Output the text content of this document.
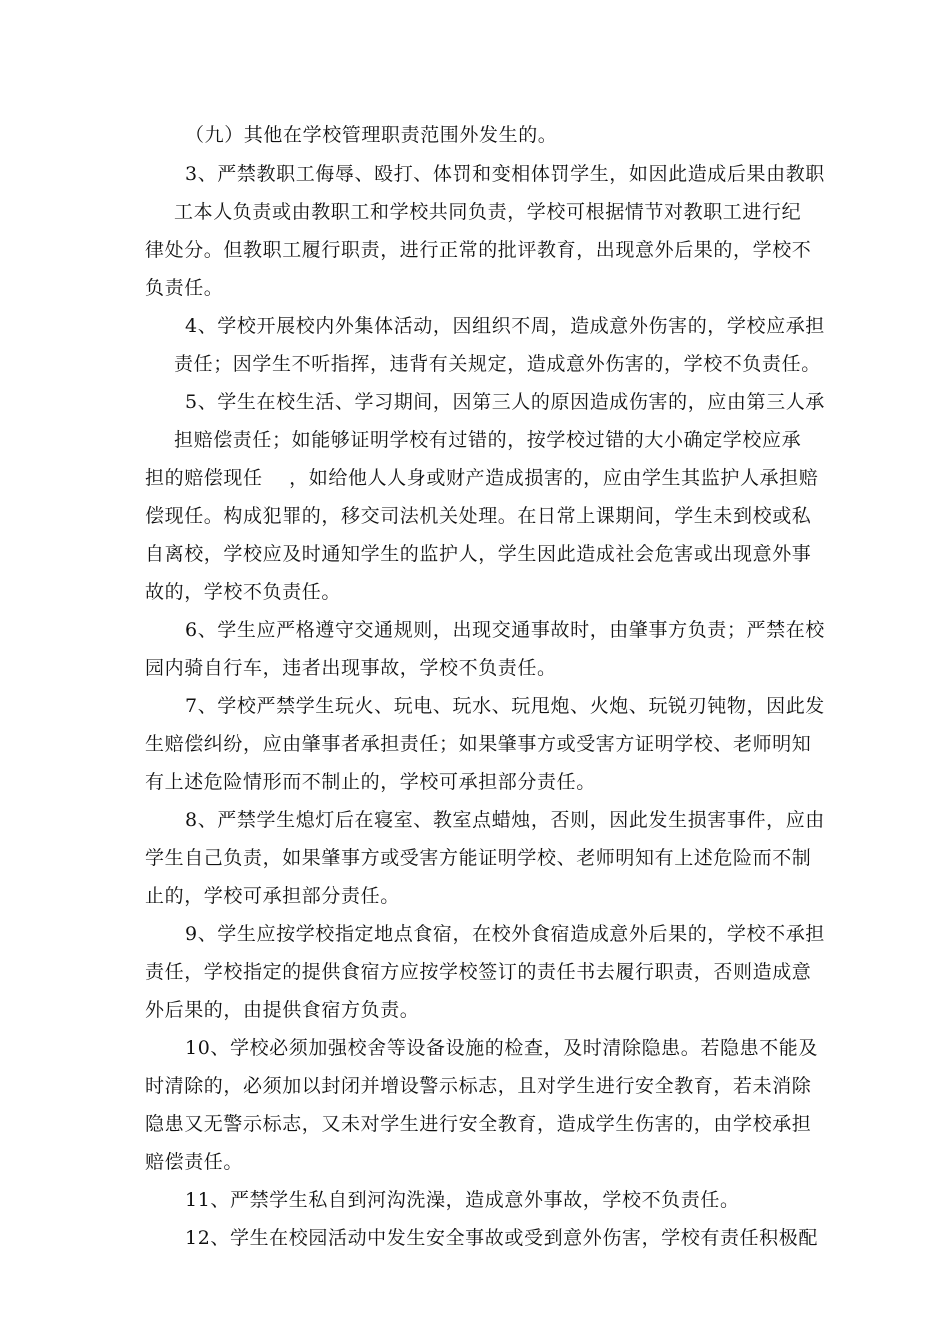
（九）其他在学校管理职责范围外发生的。
3、严禁教职工侮辱、殴打、体罚和变相体罚学生，如因此造成后果由教职
工本人负责或由教职工和学校共同负责，学校可根据情节对教职工进行纪
律处分。但教职工履行职责，进行正常的批评教育，出现意外后果的，学校不
负责任。
4、学校开展校内外集体活动，因组织不周，造成意外伤害的，学校应承担
责任；因学生不听指挥，违背有关规定，造成意外伤害的，学校不负责任。
5、学生在校生活、学习期间，因第三人的原因造成伤害的，应由第三人承
担赔偿责任；如能够证明学校有过错的，按学校过错的大小确定学校应承
担的赔偿现任    ，如给他人人身或财产造成损害的，应由学生其监护人承担赔
偿现任。构成犯罪的，移交司法机关处理。在日常上课期间，学生未到校或私
自离校，学校应及时通知学生的监护人，学生因此造成社会危害或出现意外事
故的，学校不负责任。
6、学生应严格遵守交通规则，出现交通事故时，由肇事方负责；严禁在校
园内骑自行车，违者出现事故，学校不负责任。
7、学校严禁学生玩火、玩电、玩水、玩甩炮、火炮、玩锐刃钝物，因此发
生赔偿纠纷，应由肇事者承担责任；如果肇事方或受害方证明学校、老师明知
有上述危险情形而不制止的，学校可承担部分责任。
8、严禁学生熄灯后在寝室、教室点蜡烛，否则，因此发生损害事件，应由
学生自己负责，如果肇事方或受害方能证明学校、老师明知有上述危险而不制
止的，学校可承担部分责任。
9、学生应按学校指定地点食宿，在校外食宿造成意外后果的，学校不承担
责任，学校指定的提供食宿方应按学校签订的责任书去履行职责，否则造成意
外后果的，由提供食宿方负责。
10、学校必须加强校舍等设备设施的检查，及时清除隐患。若隐患不能及
时清除的，必须加以封闭并增设警示标志，且对学生进行安全教育，若未消除
隐患又无警示标志，又未对学生进行安全教育，造成学生伤害的，由学校承担
赔偿责任。
11、严禁学生私自到河沟洗澡，造成意外事故，学校不负责任。
12、学生在校园活动中发生安全事故或受到意外伤害，学校有责任积极配
